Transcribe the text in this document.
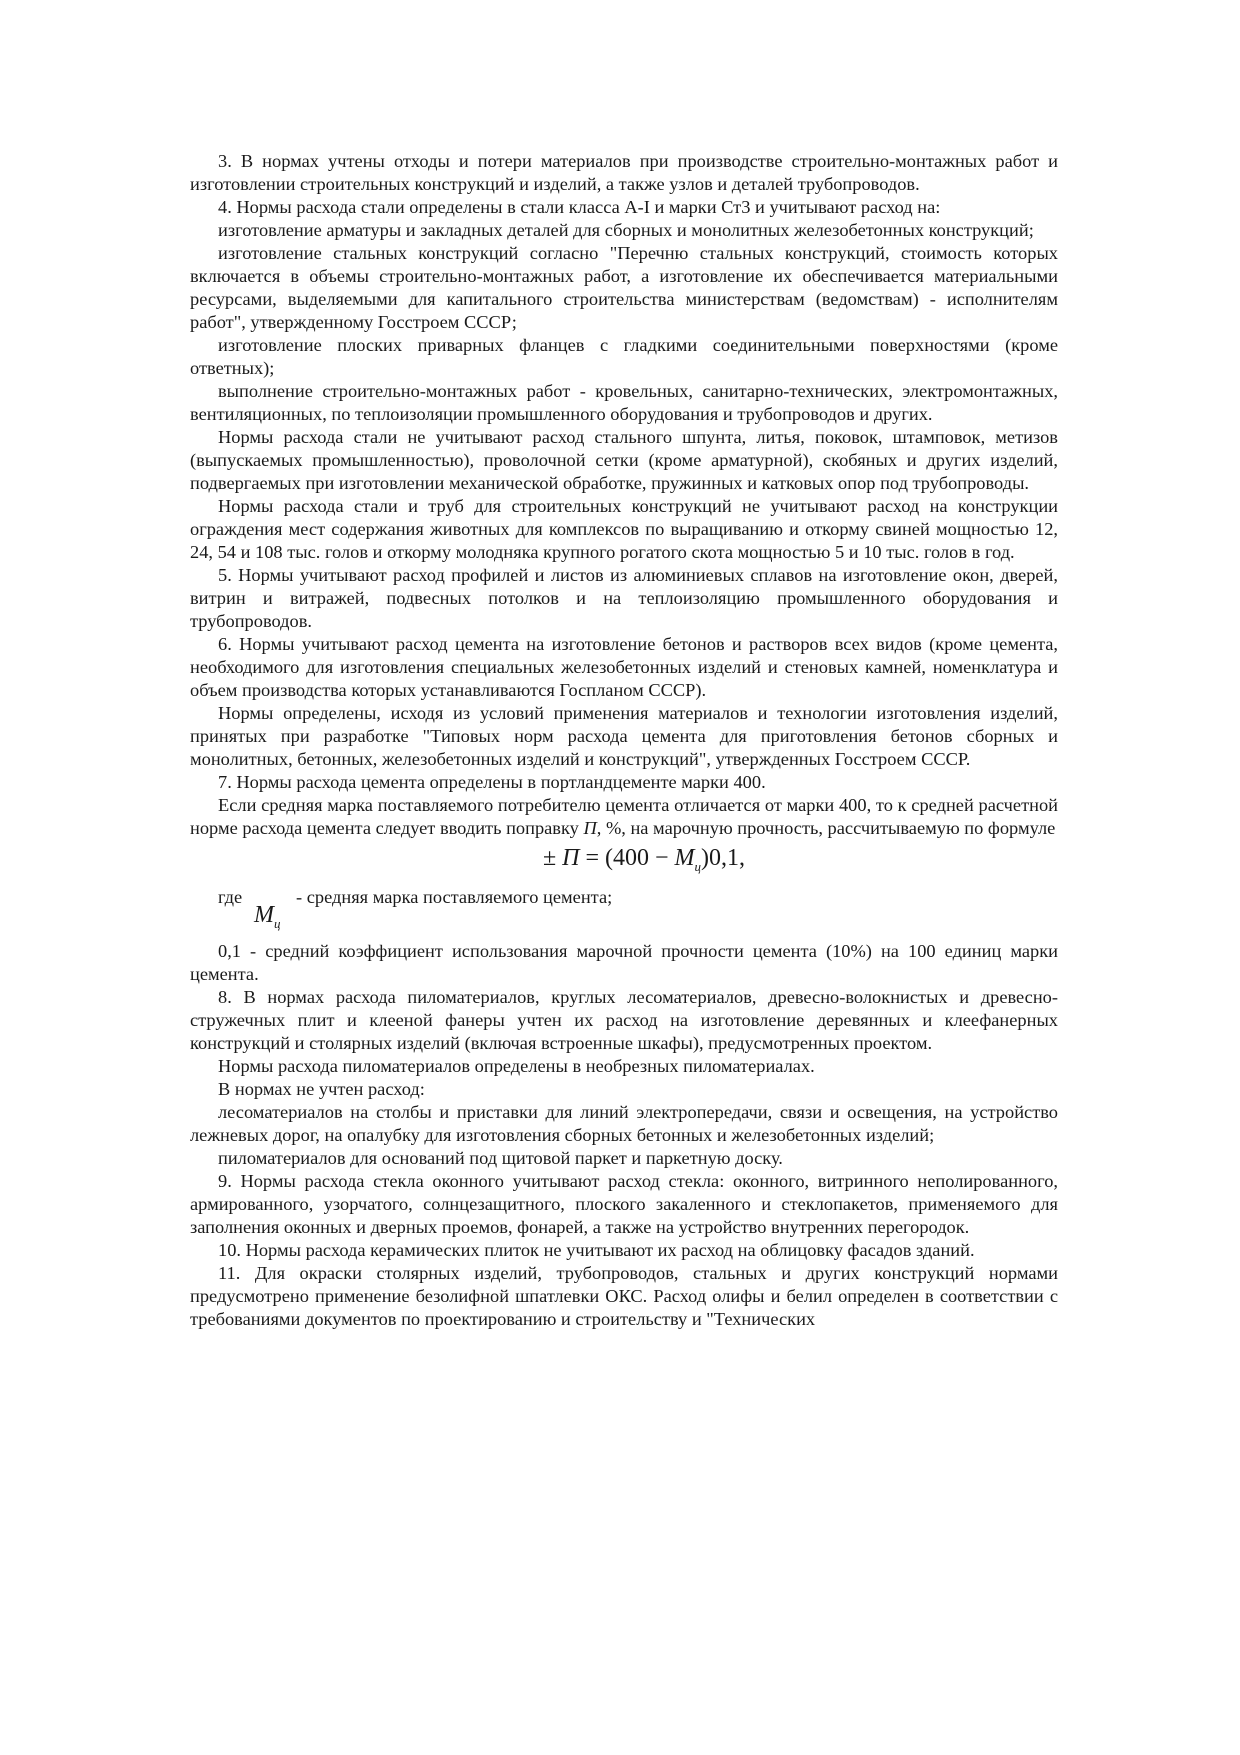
3. В нормах учтены отходы и потери материалов при производстве строительно-монтажных работ и изготовлении строительных конструкций и изделий, а также узлов и деталей трубопроводов.

4. Нормы расхода стали определены в стали класса А-I и марки Ст3 и учитывают расход на:

изготовление арматуры и закладных деталей для сборных и монолитных железобетонных конструкций;

изготовление стальных конструкций согласно "Перечню стальных конструкций, стоимость которых включается в объемы строительно-монтажных работ, а изготовление их обеспечивается материальными ресурсами, выделяемыми для капитального строительства министерствам (ведомствам) - исполнителям работ", утвержденному Госстроем СССР;

изготовление плоских приварных фланцев с гладкими соединительными поверхностями (кроме ответных);

выполнение строительно-монтажных работ - кровельных, санитарно-технических, электромонтажных, вентиляционных, по теплоизоляции промышленного оборудования и трубопроводов и других.

Нормы расхода стали не учитывают расход стального шпунта, литья, поковок, штамповок, метизов (выпускаемых промышленностью), проволочной сетки (кроме арматурной), скобяных и других изделий, подвергаемых при изготовлении механической обработке, пружинных и катковых опор под трубопроводы.

Нормы расхода стали и труб для строительных конструкций не учитывают расход на конструкции ограждения мест содержания животных для комплексов по выращиванию и откорму свиней мощностью 12, 24, 54 и 108 тыс. голов и откорму молодняка крупного рогатого скота мощностью 5 и 10 тыс. голов в год.

5. Нормы учитывают расход профилей и листов из алюминиевых сплавов на изготовление окон, дверей, витрин и витражей, подвесных потолков и на теплоизоляцию промышленного оборудования и трубопроводов.

6. Нормы учитывают расход цемента на изготовление бетонов и растворов всех видов (кроме цемента, необходимого для изготовления специальных железобетонных изделий и стеновых камней, номенклатура и объем производства которых устанавливаются Госпланом СССР).

Нормы определены, исходя из условий применения материалов и технологии изготовления изделий, принятых при разработке "Типовых норм расхода цемента для приготовления бетонов сборных и монолитных, бетонных, железобетонных изделий и конструкций", утвержденных Госстроем СССР.

7. Нормы расхода цемента определены в портландцементе марки 400.

Если средняя марка поставляемого потребителю цемента отличается от марки 400, то к средней расчетной норме расхода цемента следует вводить поправку П, %, на марочную прочность, рассчитываемую по формуле

± $П = (400 - М_ц)0,1$,
где	- средняя марка поставляемого цемента;
$М_ц$

0,1 - средний коэффициент использования марочной прочности цемента (10%) на 100 единиц марки цемента.

8. В нормах расхода пиломатериалов, круглых лесоматериалов, древесно-волокнистых и древесно-стружечных плит и клееной фанеры учтен их расход на изготовление деревянных и клеефанерных конструкций и столярных изделий (включая встроенные шкафы), предусмотренных проектом.

Нормы расхода пиломатериалов определены в необрезных пиломатериалах.

В нормах не учтен расход:

лесоматериалов на столбы и приставки для линий электропередачи, связи и освещения, на устройство лежневых дорог, на опалубку для изготовления сборных бетонных и железобетонных изделий;

пиломатериалов для оснований под щитовой паркет и паркетную доску.

9. Нормы расхода стекла оконного учитывают расход стекла: оконного, витринного неполированного, армированного, узорчатого, солнцезащитного, плоского закаленного и стеклопакетов, применяемого для заполнения оконных и дверных проемов, фонарей, а также на устройство внутренних перегородок.

10. Нормы расхода керамических плиток не учитывают их расход на облицовку фасадов зданий.

11. Для окраски столярных изделий, трубопроводов, стальных и других конструкций нормами предусмотрено применение безолифной шпатлевки ОКС. Расход олифы и белил определен в соответствии с требованиями документов по проектированию и строительству и "Технических
